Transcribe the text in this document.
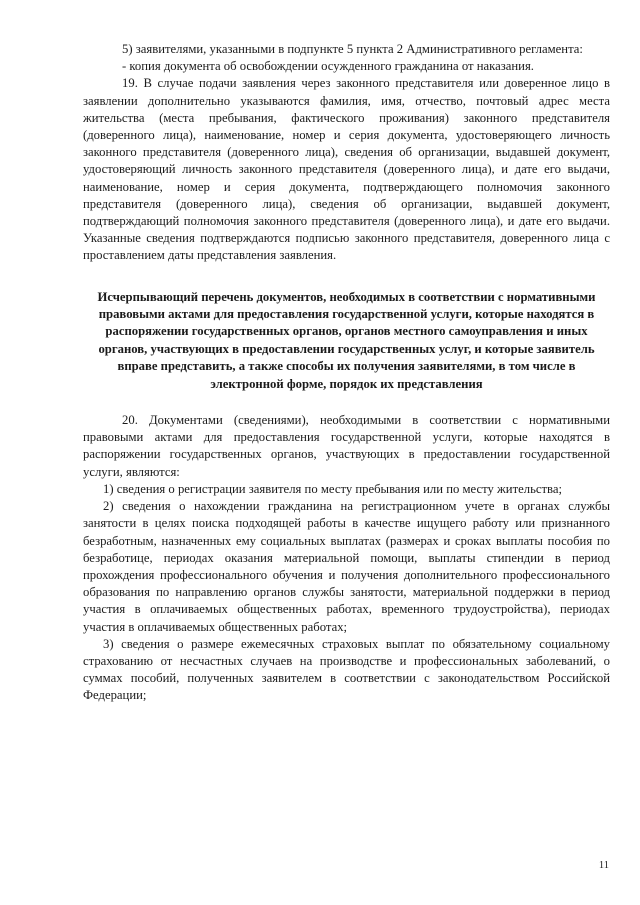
5) заявителями, указанными в подпункте 5 пункта 2 Административного регламента:

- копия документа об освобождении осужденного гражданина от наказания.

19. В случае подачи заявления через законного представителя или доверенное лицо в заявлении дополнительно указываются фамилия, имя, отчество, почтовый адрес места жительства (места пребывания, фактического проживания) законного представителя (доверенного лица), наименование, номер и серия документа, удостоверяющего личность законного представителя (доверенного лица), сведения об организации, выдавшей документ, удостоверяющий личность законного представителя (доверенного лица), и дате его выдачи, наименование, номер и серия документа, подтверждающего полномочия законного представителя (доверенного лица), сведения об организации, выдавшей документ, подтверждающий полномочия законного представителя (доверенного лица), и дате его выдачи. Указанные сведения подтверждаются подписью законного представителя, доверенного лица с проставлением даты представления заявления.

Исчерпывающий перечень документов, необходимых в соответствии с нормативными правовыми актами для предоставления государственной услуги, которые находятся в распоряжении государственных органов, органов местного самоуправления и иных органов, участвующих в предоставлении государственных услуг, и которые заявитель вправе представить, а также способы их получения заявителями, в том числе в электронной форме, порядок их представления

20. Документами (сведениями), необходимыми в соответствии с нормативными правовыми актами для предоставления государственной услуги, которые находятся в распоряжении государственных органов, участвующих в предоставлении государственной услуги, являются:

1) сведения о регистрации заявителя по месту пребывания или по месту жительства;

2) сведения о нахождении гражданина на регистрационном учете в органах службы занятости в целях поиска подходящей работы в качестве ищущего работу или признанного безработным, назначенных ему социальных выплатах (размерах и сроках выплаты пособия по безработице, периодах оказания материальной помощи, выплаты стипендии в период прохождения профессионального обучения и получения дополнительного профессионального образования по направлению органов службы занятости, материальной поддержки в период участия в оплачиваемых общественных работах, временного трудоустройства), периодах участия в оплачиваемых общественных работах;

3) сведения о размере ежемесячных страховых выплат по обязательному социальному страхованию от несчастных случаев на производстве и профессиональных заболеваний, о суммах пособий, полученных заявителем в соответствии с законодательством Российской Федерации;

11
